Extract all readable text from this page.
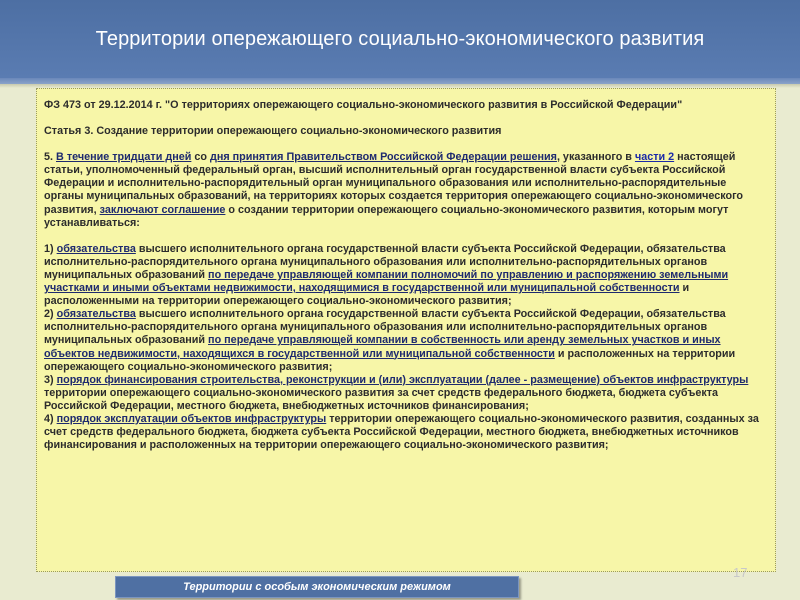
Территории опережающего социально-экономического развития

ФЗ 473 от 29.12.2014 г. "О территориях опережающего социально-экономического развития в Российской Федерации"

Статья 3. Создание территории опережающего социально-экономического развития

5. В течение тридцати дней со дня принятия Правительством Российской Федерации решения, указанного в части 2 настоящей статьи, уполномоченный федеральный орган, высший исполнительный орган государственной власти субъекта Российской Федерации и исполнительно-распорядительный орган муниципального образования или исполнительно-распорядительные органы муниципальных образований, на территориях которых создается территория опережающего социально-экономического развития, заключают соглашение о создании территории опережающего социально-экономического развития, которым могут устанавливаться:

1) обязательства высшего исполнительного органа государственной власти субъекта Российской Федерации, обязательства исполнительно-распорядительного органа муниципального образования или исполнительно-распорядительных органов муниципальных образований по передаче управляющей компании полномочий по управлению и распоряжению земельными участками и иными объектами недвижимости, находящимися в государственной или муниципальной собственности и расположенными на территории опережающего социально-экономического развития;

2) обязательства высшего исполнительного органа государственной власти субъекта Российской Федерации, обязательства исполнительно-распорядительного органа муниципального образования или исполнительно-распорядительных органов муниципальных образований по передаче управляющей компании в собственность или аренду земельных участков и иных объектов недвижимости, находящихся в государственной или муниципальной собственности и расположенных на территории опережающего социально-экономического развития;

3) порядок финансирования строительства, реконструкции и (или) эксплуатации (далее - размещение) объектов инфраструктуры территории опережающего социально-экономического развития за счет средств федерального бюджета, бюджета субъекта Российской Федерации, местного бюджета, внебюджетных источников финансирования;

4) порядок эксплуатации объектов инфраструктуры территории опережающего социально-экономического развития, созданных за счет средств федерального бюджета, бюджета субъекта Российской Федерации, местного бюджета, внебюджетных источников финансирования и расположенных на территории опережающего социально-экономического развития;

17
Территории с особым экономическим режимом
